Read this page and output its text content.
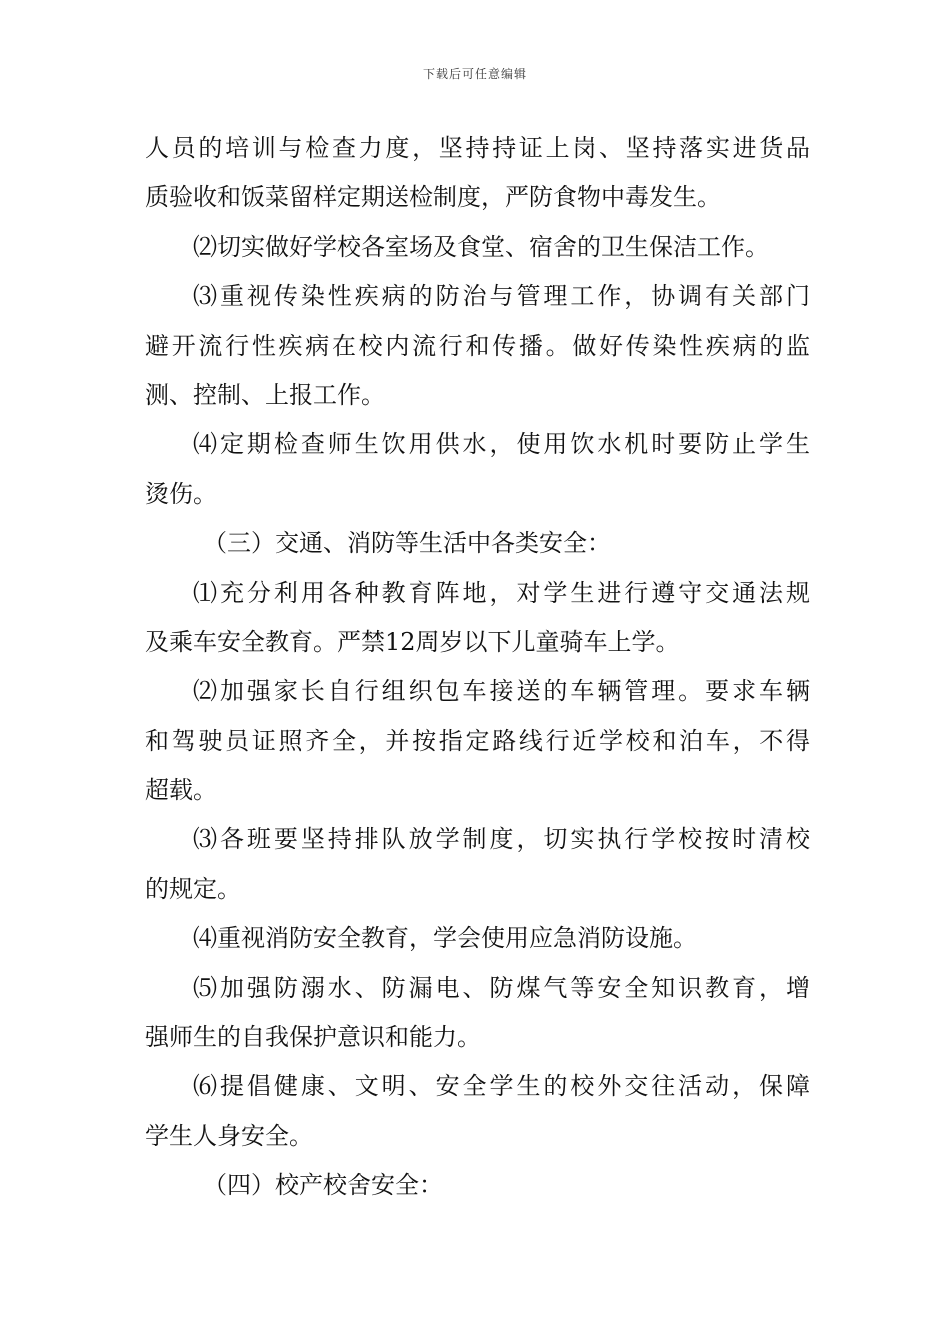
下载后可任意编辑
人员的培训与检查力度，坚持持证上岗、坚持落实进货品
质验收和饭菜留样定期送检制度，严防食物中毒发生。
⑵切实做好学校各室场及食堂、宿舍的卫生保洁工作。
⑶重视传染性疾病的防治与管理工作，协调有关部门
避开流行性疾病在校内流行和传播。做好传染性疾病的监
测、控制、上报工作。
⑷定期检查师生饮用供水，使用饮水机时要防止学生
烫伤。
（三）交通、消防等生活中各类安全：
⑴充分利用各种教育阵地，对学生进行遵守交通法规
及乘车安全教育。严禁12周岁以下儿童骑车上学。
⑵加强家长自行组织包车接送的车辆管理。要求车辆
和驾驶员证照齐全，并按指定路线行近学校和泊车，不得
超载。
⑶各班要坚持排队放学制度，切实执行学校按时清校
的规定。
⑷重视消防安全教育，学会使用应急消防设施。
⑸加强防溺水、防漏电、防煤气等安全知识教育，增
强师生的自我保护意识和能力。
⑹提倡健康、文明、安全学生的校外交往活动，保障
学生人身安全。
（四）校产校舍安全：
